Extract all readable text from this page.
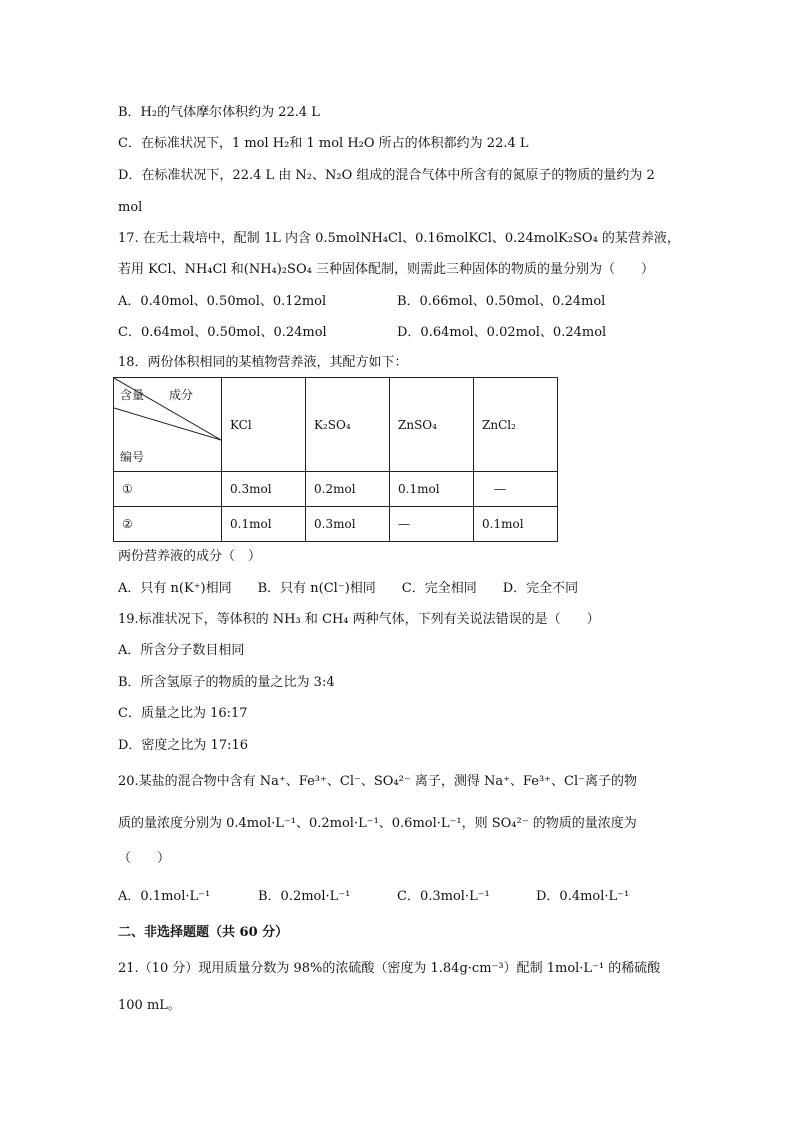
B．H₂的气体摩尔体积约为 22.4 L
C．在标准状况下，1 mol H₂和 1 mol H₂O 所占的体积都约为 22.4 L
D．在标准状况下，22.4 L 由 N₂、N₂O 组成的混合气体中所含有的氮原子的物质的量约为 2
mol
17. 在无土栽培中，配制 1L 内含 0.5molNH₄Cl、0.16molKCl、0.24molK₂SO₄ 的某营养液，
若用 KCl、NH₄Cl 和(NH₄)₂SO₄ 三种固体配制，则需此三种固体的物质的量分别为（　　）
A．0.40mol、0.50mol、0.12mol	B．0.66mol、0.50mol、0.24mol
C．0.64mol、0.50mol、0.24mol	D．0.64mol、0.02mol、0.24mol
18．两份体积相同的某植物营养液，其配方如下：
含量 成分
编号	KCl	K₂SO₄	ZnSO₄	ZnCl₂
①	0.3mol	0.2mol	0.1mol	—
②	0.1mol	0.3mol	—	0.1mol
两份营养液的成分（　）
A．只有 n(K⁺)相同　　B．只有 n(Cl⁻)相同　　C．完全相同　　D．完全不同
19.标准状况下，等体积的 NH₃ 和 CH₄ 两种气体，下列有关说法错误的是（　　）
A．所含分子数目相同
B．所含氢原子的物质的量之比为 3:4
C．质量之比为 16:17
D．密度之比为 17:16
20.某盐的混合物中含有 Na⁺、Fe³⁺、Cl⁻、SO₄²⁻ 离子，测得 Na⁺、Fe³⁺、Cl⁻离子的物
质的量浓度分别为 0.4mol·L⁻¹、0.2mol·L⁻¹、0.6mol·L⁻¹，则 SO₄²⁻ 的物质的量浓度为
（　　）
A．0.1mol·L⁻¹	B．0.2mol·L⁻¹	C．0.3mol·L⁻¹	D．0.4mol·L⁻¹
二、非选择题题（共 60 分）
21.（10 分）现用质量分数为 98%的浓硫酸（密度为 1.84g·cm⁻³）配制 1mol·L⁻¹ 的稀硫酸
100 mL。
